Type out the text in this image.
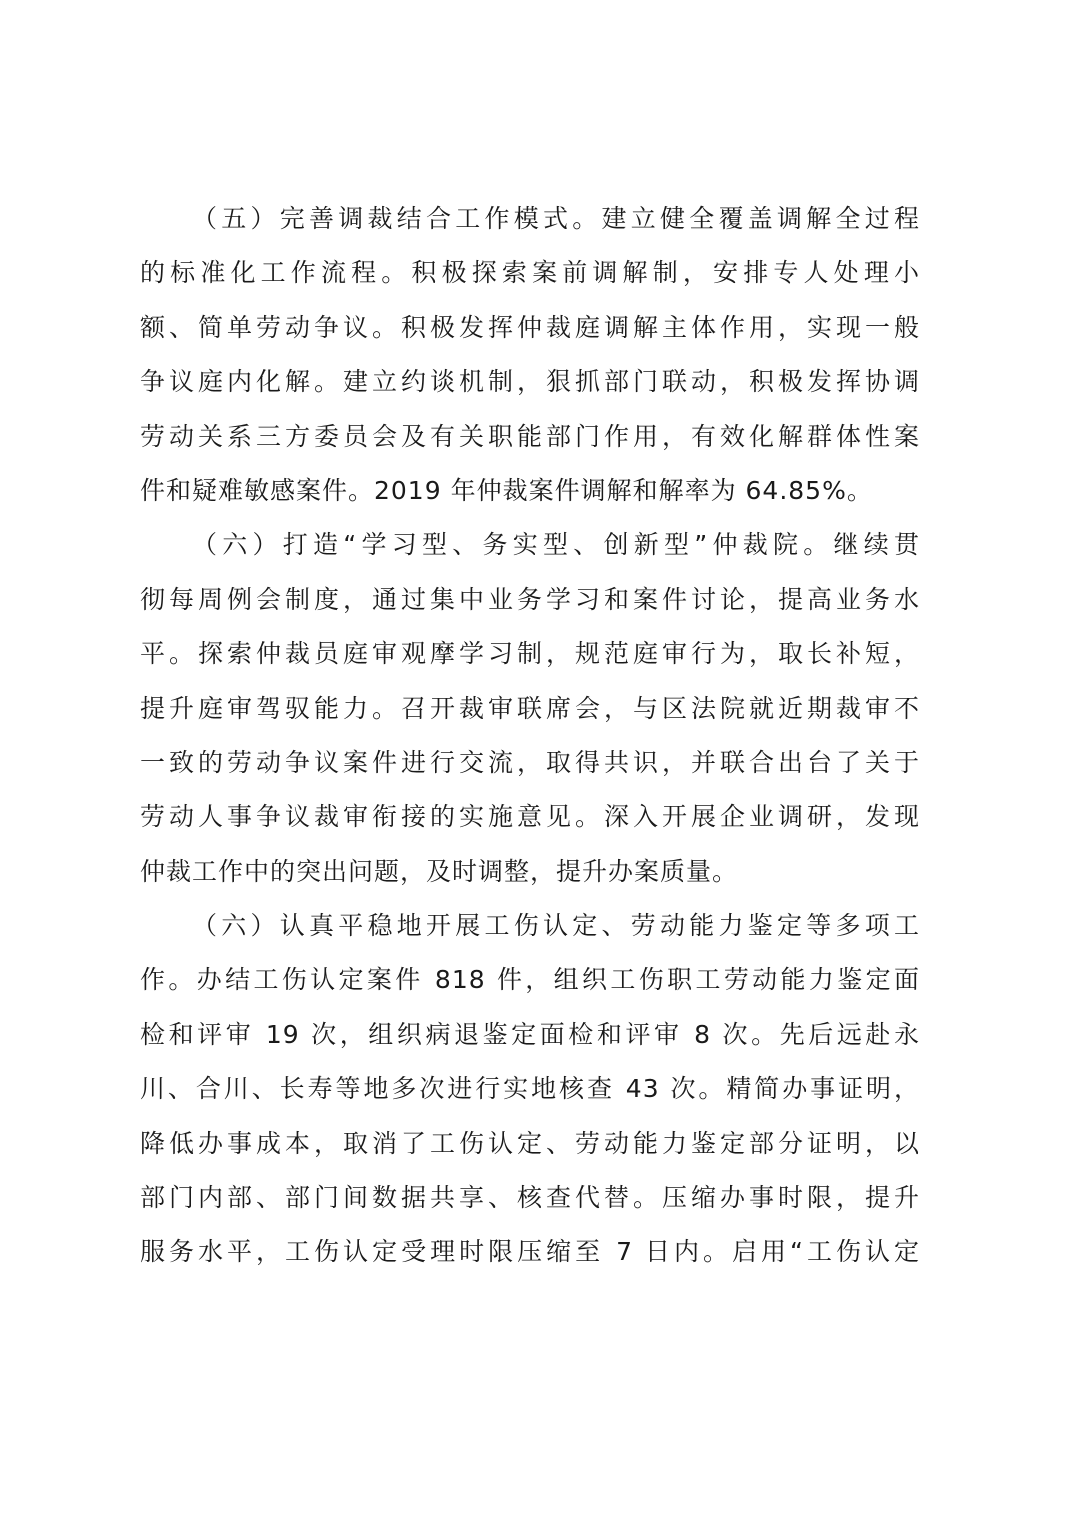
（五）完善调裁结合工作模式。建立健全覆盖调解全过程
的标准化工作流程。积极探索案前调解制，安排专人处理小
额、简单劳动争议。积极发挥仲裁庭调解主体作用，实现一般
争议庭内化解。建立约谈机制，狠抓部门联动，积极发挥协调
劳动关系三方委员会及有关职能部门作用，有效化解群体性案
件和疑难敏感案件。2019 年仲裁案件调解和解率为 64.85%。
（六）打造“学习型、务实型、创新型”仲裁院。继续贯
彻每周例会制度，通过集中业务学习和案件讨论，提高业务水
平。探索仲裁员庭审观摩学习制，规范庭审行为，取长补短，
提升庭审驾驭能力。召开裁审联席会，与区法院就近期裁审不
一致的劳动争议案件进行交流，取得共识，并联合出台了关于
劳动人事争议裁审衔接的实施意见。深入开展企业调研，发现
仲裁工作中的突出问题，及时调整，提升办案质量。
（六）认真平稳地开展工伤认定、劳动能力鉴定等多项工
作。办结工伤认定案件 818 件，组织工伤职工劳动能力鉴定面
检和评审 19 次，组织病退鉴定面检和评审 8 次。先后远赴永
川、合川、长寿等地多次进行实地核查 43 次。精简办事证明，
降低办事成本，取消了工伤认定、劳动能力鉴定部分证明，以
部门内部、部门间数据共享、核查代替。压缩办事时限，提升
服务水平，工伤认定受理时限压缩至 7 日内。启用“工伤认定
